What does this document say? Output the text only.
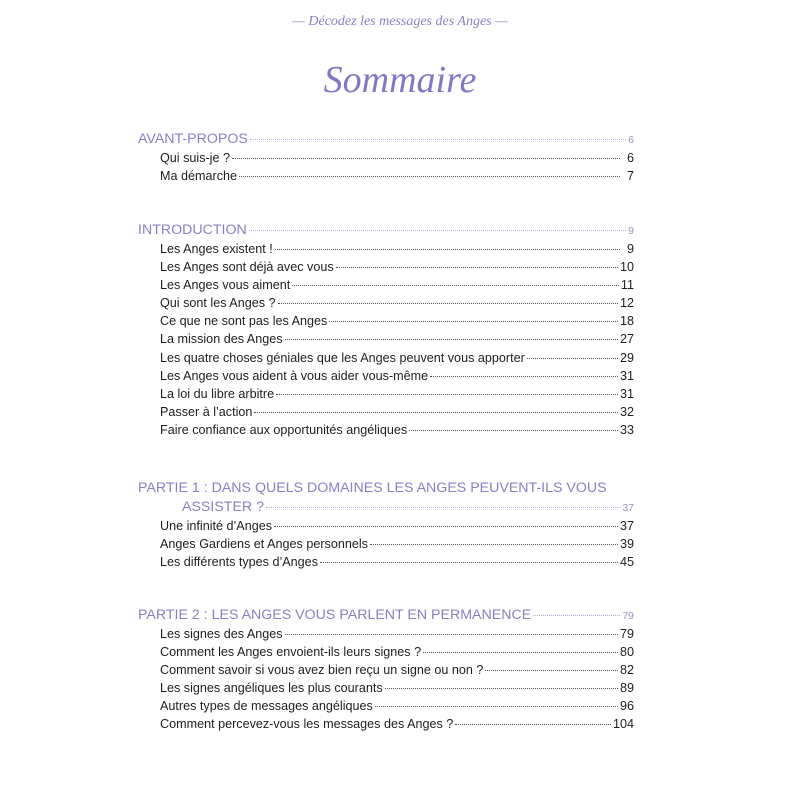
— Décodez les messages des Anges —
Sommaire
AVANT-PROPOS	6
Qui suis-je ?	6
Ma démarche	7
INTRODUCTION	9
Les Anges existent !	9
Les Anges sont déjà avec vous	10
Les Anges vous aiment	11
Qui sont les Anges ?	12
Ce que ne sont pas les Anges	18
La mission des Anges	27
Les quatre choses géniales que les Anges peuvent vous apporter	29
Les Anges vous aident à vous aider vous-même	31
La loi du libre arbitre	31
Passer à l’action	32
Faire confiance aux opportunités angéliques	33
PARTIE 1 : DANS QUELS DOMAINES LES ANGES PEUVENT-ILS VOUS
ASSISTER ?	37
Une infinité d’Anges	37
Anges Gardiens et Anges personnels	39
Les différents types d’Anges	45
PARTIE 2 : LES ANGES VOUS PARLENT EN PERMANENCE	79
Les signes des Anges	79
Comment les Anges envoient-ils leurs signes ?	80
Comment savoir si vous avez bien reçu un signe ou non ?	82
Les signes angéliques les plus courants	89
Autres types de messages angéliques	96
Comment percevez-vous les messages des Anges ?	104
